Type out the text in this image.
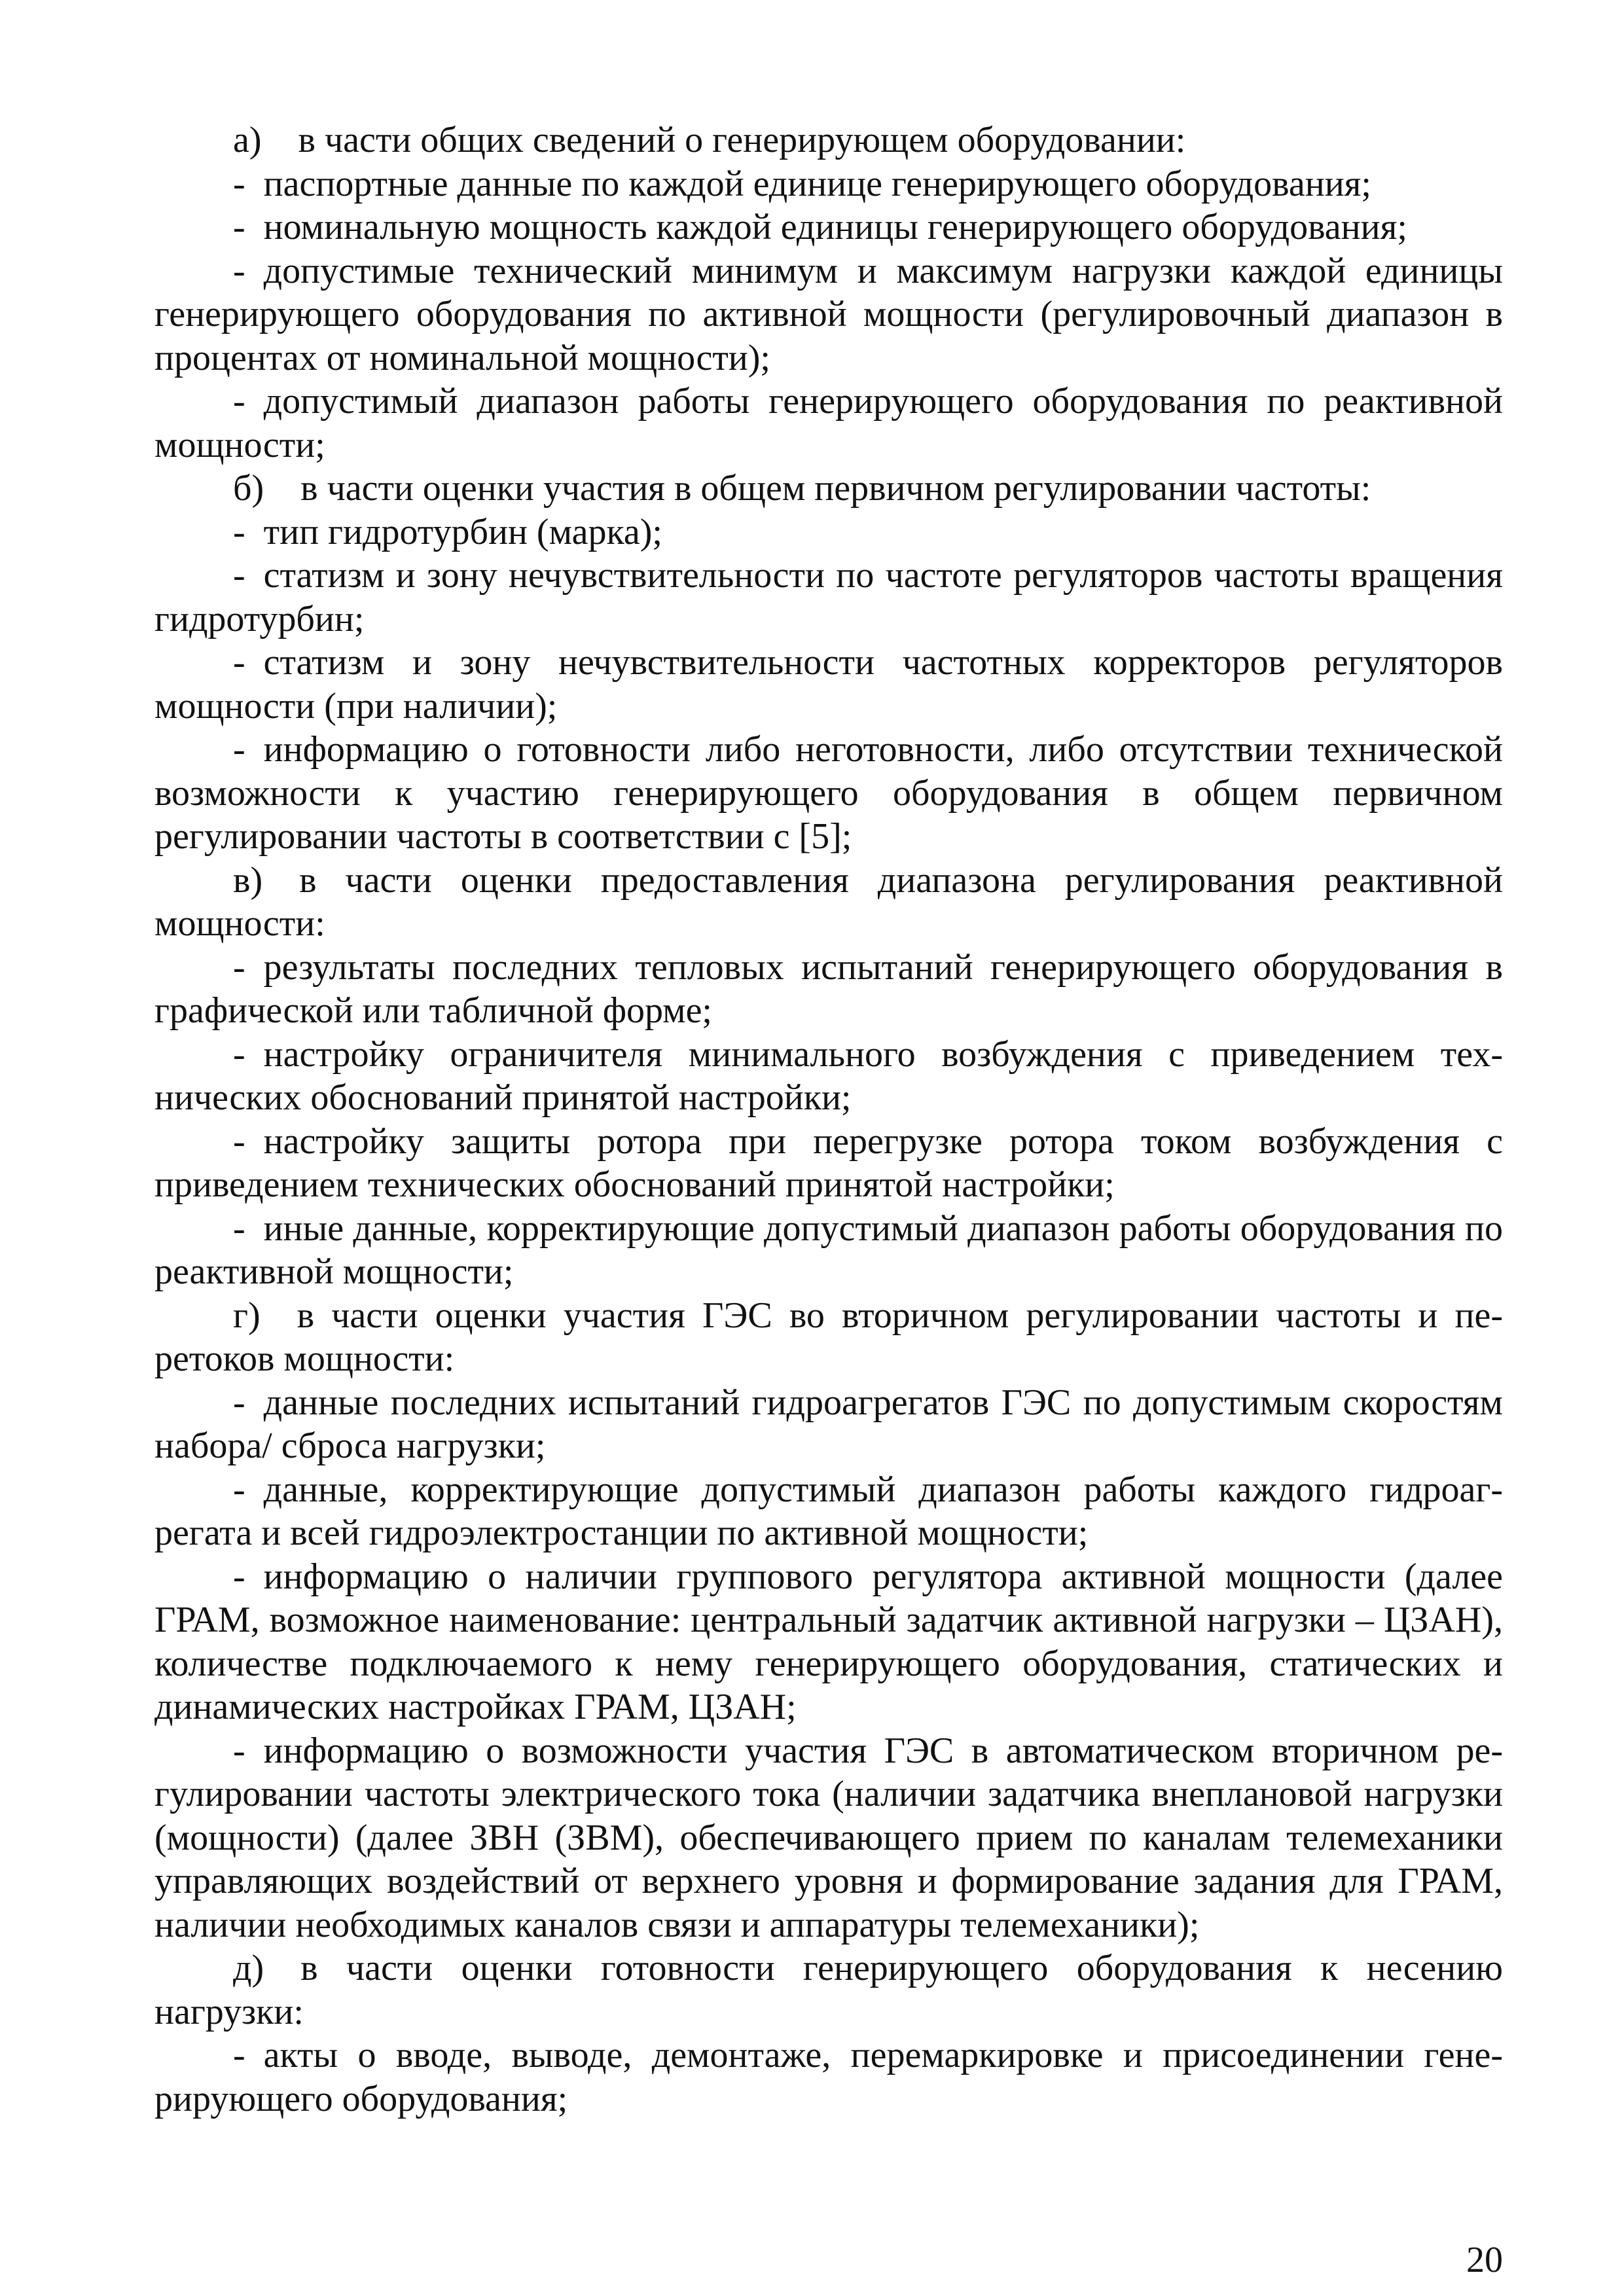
а) в части общих сведений о генерирующем оборудовании:

- паспортные данные по каждой единице генерирующего оборудования;

- номинальную мощность каждой единицы генерирующего оборудования;

- допустимые технический минимум и максимум нагрузки каждой единицы генерирующего оборудования по активной мощности (регулировочный диапазон в процентах от номинальной мощности);

- допустимый диапазон работы генерирующего оборудования по реактивной мощности;

б) в части оценки участия в общем первичном регулировании частоты:

- тип гидротурбин (марка);

- статизм и зону нечувствительности по частоте регуляторов частоты вращения гидротурбин;

- статизм и зону нечувствительности частотных корректоров регуляторов мощности (при наличии);

- информацию о готовности либо неготовности, либо отсутствии технической возможности к участию генерирующего оборудования в общем первичном регулировании частоты в соответствии с [5];

в) в части оценки предоставления диапазона регулирования реактивной мощности:

- результаты последних тепловых испытаний генерирующего оборудования в графической или табличной форме;

- настройку ограничителя минимального возбуждения с приведением технических обоснований принятой настройки;

- настройку защиты ротора при перегрузке ротора током возбуждения с приведением технических обоснований принятой настройки;

- иные данные, корректирующие допустимый диапазон работы оборудования по реактивной мощности;

г) в части оценки участия ГЭС во вторичном регулировании частоты и перетоков мощности:

- данные последних испытаний гидроагрегатов ГЭС по допустимым скоростям набора/ сброса нагрузки;

- данные, корректирующие допустимый диапазон работы каждого гидроагрегата и всей гидроэлектростанции по активной мощности;

- информацию о наличии группового регулятора активной мощности (далее ГРАМ, возможное наименование: центральный задатчик активной нагрузки – ЦЗАН), количестве подключаемого к нему генерирующего оборудования, статических и динамических настройках ГРАМ, ЦЗАН;

- информацию о возможности участия ГЭС в автоматическом вторичном регулировании частоты электрического тока (наличии задатчика внеплановой нагрузки (мощности) (далее ЗВН (ЗВМ), обеспечивающего прием по каналам телемеханики управляющих воздействий от верхнего уровня и формирование задания для ГРАМ, наличии необходимых каналов связи и аппаратуры телемеханики);

д) в части оценки готовности генерирующего оборудования к несению нагрузки:

- акты о вводе, выводе, демонтаже, перемаркировке и присоединении генерирующего оборудования;

20
